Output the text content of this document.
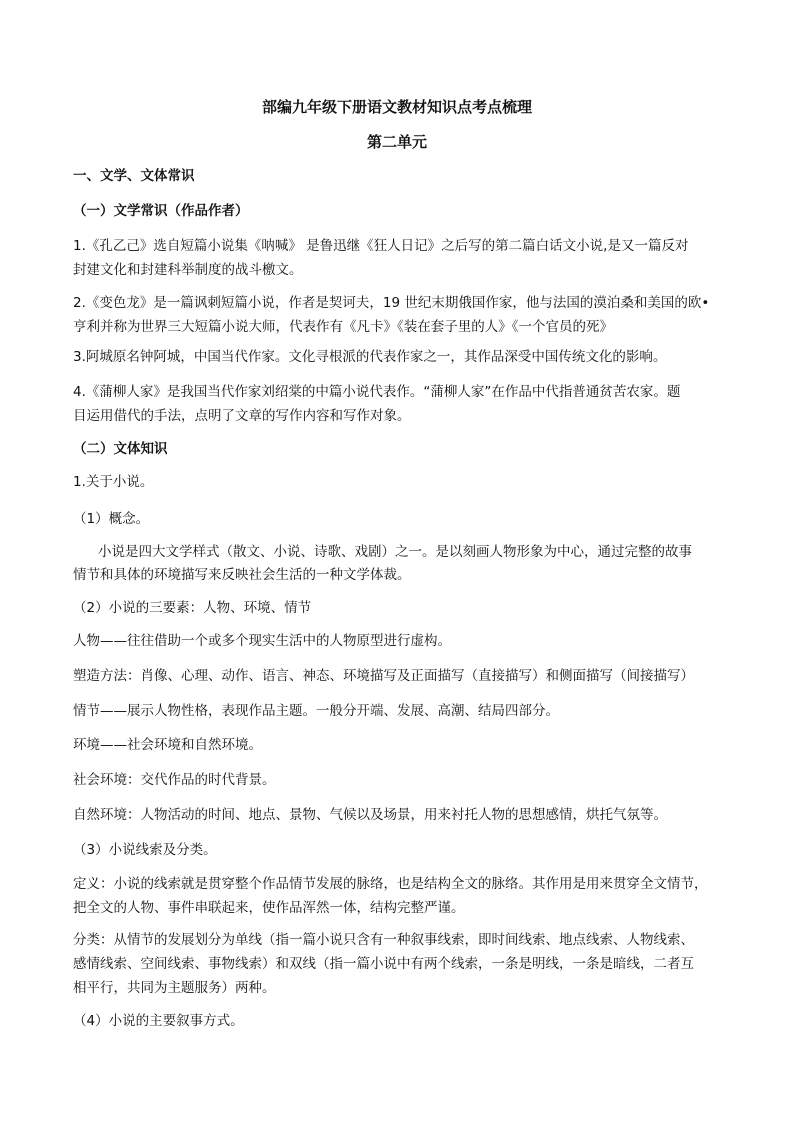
部编九年级下册语文教材知识点考点梳理
第二单元
一、文学、文体常识
（一）文学常识（作品作者）
1.《孔乙己》选自短篇小说集《呐喊》 是鲁迅继《狂人日记》之后写的第二篇白话文小说,是又一篇反对
封建文化和封建科举制度的战斗檄文。
2.《变色龙》是一篇讽刺短篇小说，作者是契诃夫，19 世纪末期俄国作家，他与法国的漠泊桑和美国的欧•
亨利并称为世界三大短篇小说大师，代表作有《凡卡》《装在套子里的人》《一个官员的死》
3.阿城原名钟阿城，中国当代作家。文化寻根派的代表作家之一，其作品深受中国传统文化的影响。
4.《蒲柳人家》是我国当代作家刘绍棠的中篇小说代表作。“蒲柳人家”在作品中代指普通贫苦农家。题
目运用借代的手法，点明了文章的写作内容和写作对象。
（二）文体知识
1.关于小说。
（1）概念。
小说是四大文学样式（散文、小说、诗歌、戏剧）之一。是以刻画人物形象为中心，通过完整的故事
情节和具体的环境描写来反映社会生活的一种文学体裁。
（2）小说的三要素：人物、环境、情节
人物——往往借助一个或多个现实生活中的人物原型进行虚构。
塑造方法：肖像、心理、动作、语言、神态、环境描写及正面描写（直接描写）和侧面描写（间接描写）
情节——展示人物性格，表现作品主题。一般分开端、发展、高潮、结局四部分。
环境——社会环境和自然环境。
社会环境：交代作品的时代背景。
自然环境：人物活动的时间、地点、景物、气候以及场景，用来衬托人物的思想感情，烘托气氛等。
（3）小说线索及分类。
定义：小说的线索就是贯穿整个作品情节发展的脉络，也是结构全文的脉络。其作用是用来贯穿全文情节，
把全文的人物、事件串联起来，使作品浑然一体，结构完整严谨。
分类：从情节的发展划分为单线（指一篇小说只含有一种叙事线索，即时间线索、地点线索、人物线索、
感情线索、空间线索、事物线索）和双线（指一篇小说中有两个线索，一条是明线，一条是暗线，二者互
相平行，共同为主题服务）两种。
（4）小说的主要叙事方式。
